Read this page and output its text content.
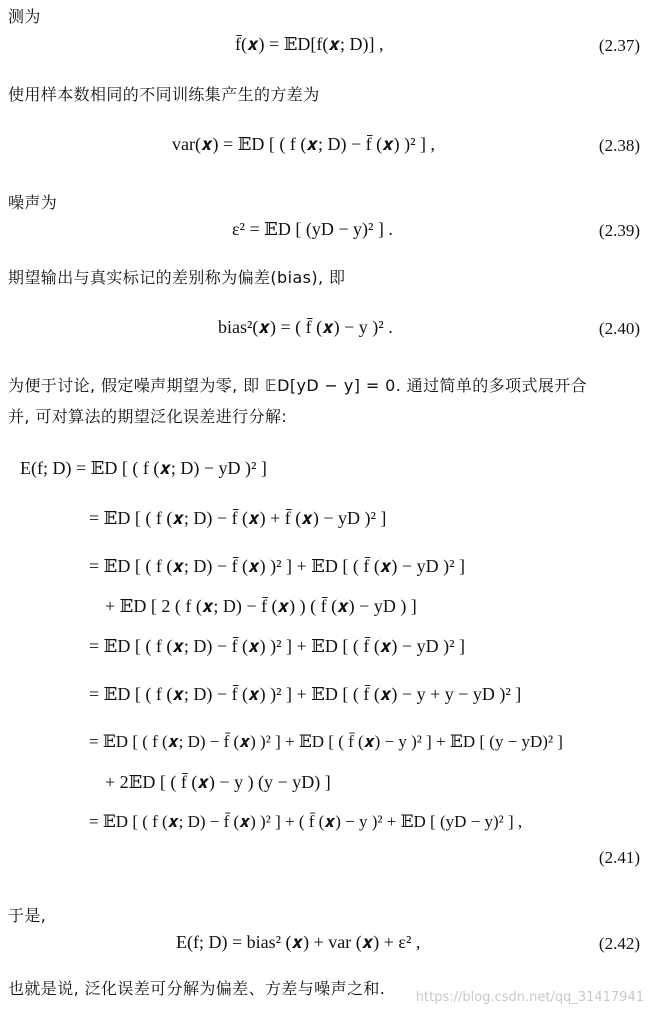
测为
f̄(𝒙) = 𝔼D[f(𝒙; D)] ,	(2.37)
使用样本数相同的不同训练集产生的方差为
var(𝒙) = 𝔼D [ ( f (𝒙; D) − f̄ (𝒙) )² ] ,	(2.38)
噪声为
ε² = 𝔼D [ (yD − y)² ] .	(2.39)
期望输出与真实标记的差别称为偏差(bias), 即
bias²(𝒙) = ( f̄ (𝒙) − y )² .	(2.40)
为便于讨论, 假定噪声期望为零, 即 𝔼D[yD − y] = 0. 通过简单的多项式展开合
并, 可对算法的期望泛化误差进行分解:
E(f; D) = 𝔼D [ ( f (𝒙; D) − yD )² ]
= 𝔼D [ ( f (𝒙; D) − f̄ (𝒙) + f̄ (𝒙) − yD )² ]
= 𝔼D [ ( f (𝒙; D) − f̄ (𝒙) )² ] + 𝔼D [ ( f̄ (𝒙) − yD )² ]
+ 𝔼D [ 2 ( f (𝒙; D) − f̄ (𝒙) ) ( f̄ (𝒙) − yD ) ]
= 𝔼D [ ( f (𝒙; D) − f̄ (𝒙) )² ] + 𝔼D [ ( f̄ (𝒙) − yD )² ]
= 𝔼D [ ( f (𝒙; D) − f̄ (𝒙) )² ] + 𝔼D [ ( f̄ (𝒙) − y + y − yD )² ]
= 𝔼D [ ( f (𝒙; D) − f̄ (𝒙) )² ] + 𝔼D [ ( f̄ (𝒙) − y )² ] + 𝔼D [ (y − yD)² ]
+ 2𝔼D [ ( f̄ (𝒙) − y ) (y − yD) ]
= 𝔼D [ ( f (𝒙; D) − f̄ (𝒙) )² ] + ( f̄ (𝒙) − y )² + 𝔼D [ (yD − y)² ] ,
(2.41)
于是,
E(f; D) = bias² (𝒙) + var (𝒙) + ε² ,	(2.42)
也就是说, 泛化误差可分解为偏差、方差与噪声之和. https://blog.csdn.net/qq_31417941
